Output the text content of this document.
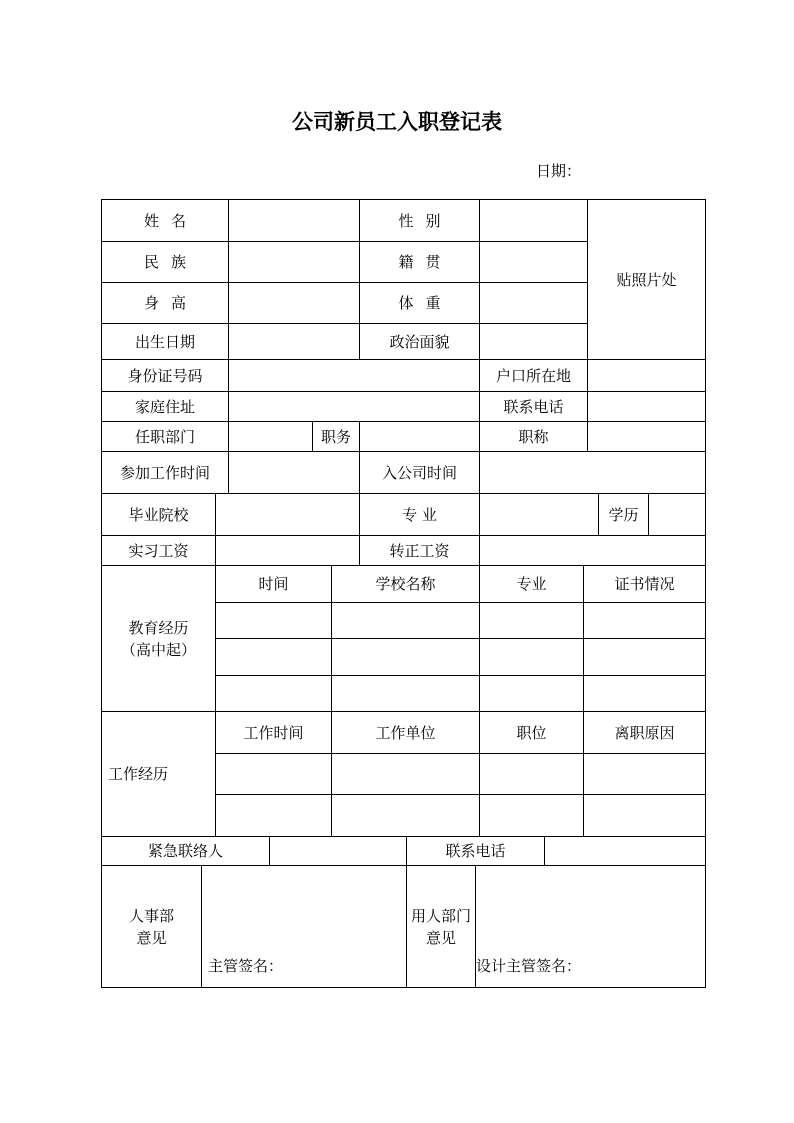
公司新员工入职登记表
日期：
姓 名	性 别
贴照片处
民 族	籍 贯
身 高	体 重
出生日期	政治面貌
身份证号码	户口所在地
家庭住址	联系电话
任职部门	职务	职称
参加工作时间	入公司时间
毕业院校	专 业	学历
实习工资	转正工资
教育经历
（高中起）
时间	学校名称	专业	证书情况
工作经历
工作时间	工作单位	职位	离职原因
紧急联络人	联系电话
人事部
意见
主管签名：
用人部门
意见
设计主管签名：
